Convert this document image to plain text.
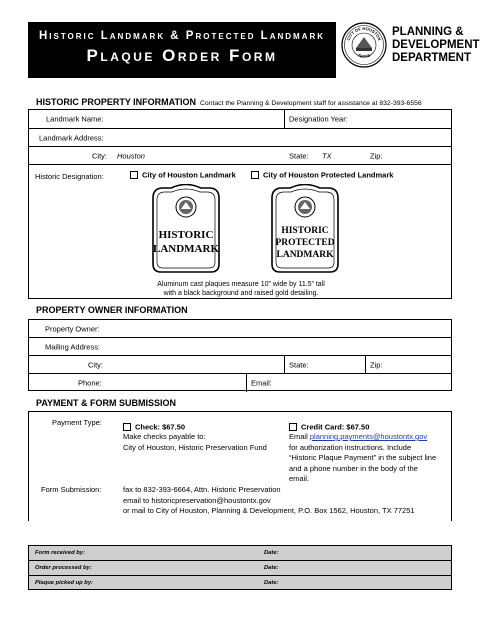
Historic Landmark & Protected Landmark
Plaque Order Form
CITY OF HOUSTON
TEXAS
PLANNING &
DEVELOPMENT
DEPARTMENT
HISTORIC PROPERTY INFORMATION Contact the Planning & Development staff for assistance at 832-393-6556
Landmark Name:	Designation Year:
Landmark Address:
City: Houston	State: TX	Zip:
Historic Designation:	City of Houston Landmark	City of Houston Protected Landmark
HISTORIC
LANDMARK
HISTORIC
PROTECTED
LANDMARK
Aluminum cast plaques measure 10” wide by 11.5” tall
with a black background and raised gold detailing.
PROPERTY OWNER INFORMATION
Property Owner:
Mailing Address:
City:	State:	Zip:
Phone:	Email:
PAYMENT & FORM SUBMISSION
Payment Type:	Check: $67.50	Credit Card: $67.50
Make checks payable to:
City of Houston, Historic Preservation Fund
Email planning.payments@houstontx.gov
for authorization instructions. Include
“Historic Plaque Payment” in the subject line
and a phone number in the body of the
email.
Form Submission:	fax to 832-393-6664, Attn. Historic Preservation
email to historicpreservation@houstontx.gov
or mail to City of Houston, Planning & Development, P.O. Box 1562, Houston, TX 77251
Form received by:	Date:
Order processed by:	Date:
Plaque picked up by:	Date:
